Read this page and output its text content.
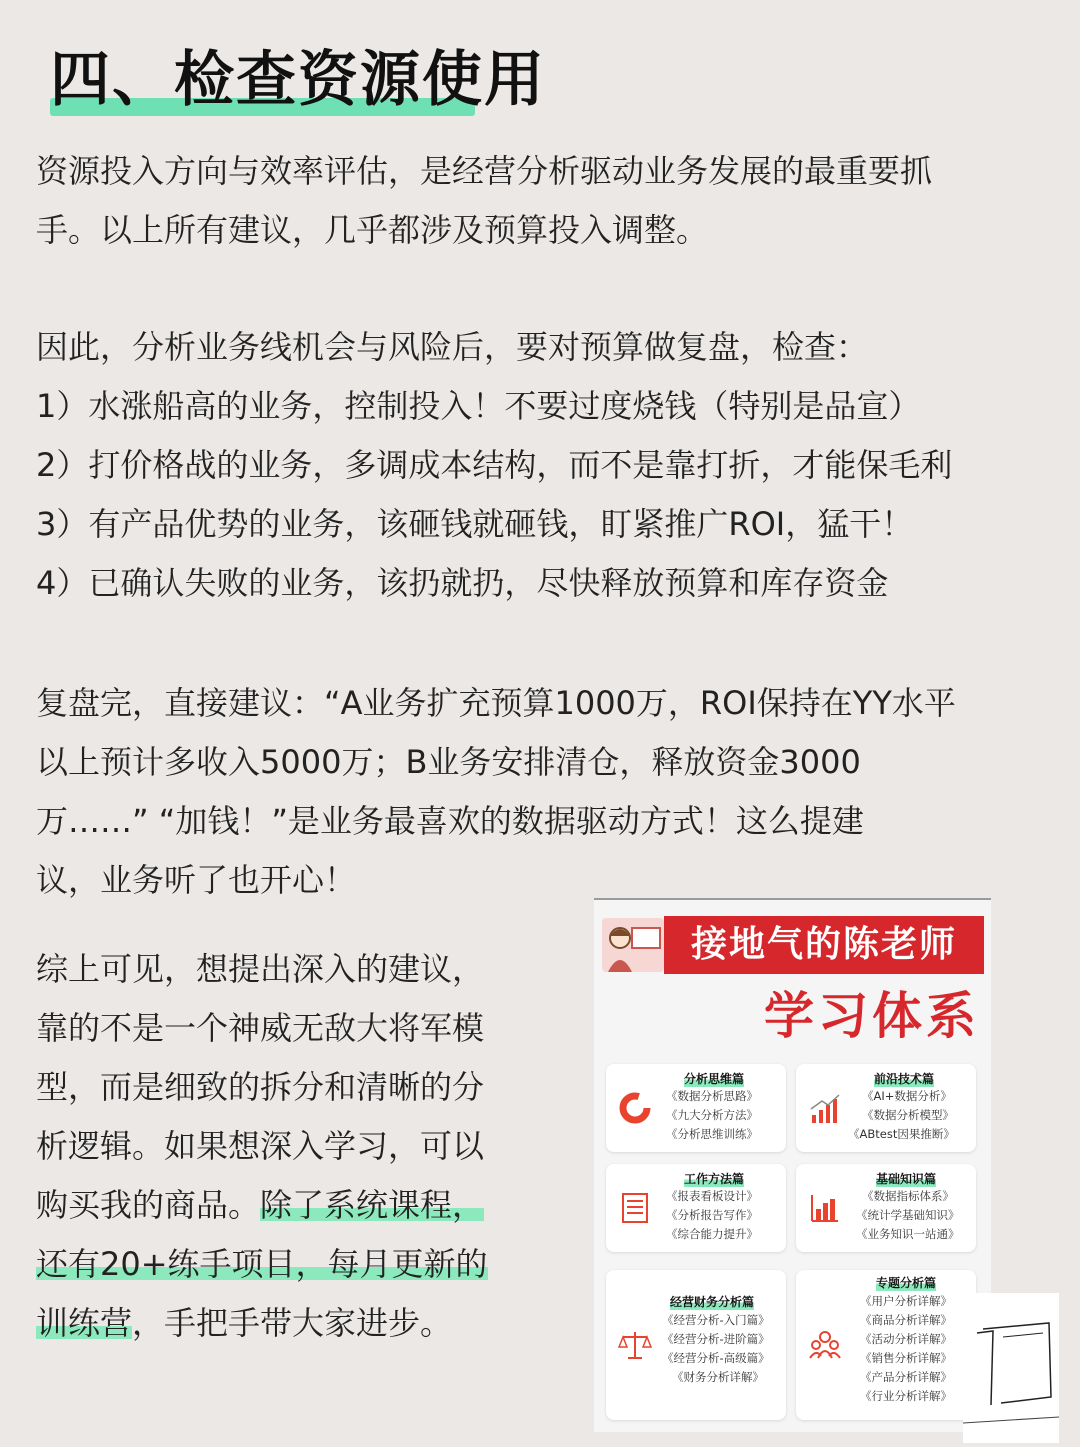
四、检查资源使用

资源投入方向与效率评估，是经营分析驱动业务发展的最重要抓
手。以上所有建议，几乎都涉及预算投入调整。

因此，分析业务线机会与风险后，要对预算做复盘，检查：
1）水涨船高的业务，控制投入！不要过度烧钱（特别是品宣）
2）打价格战的业务，多调成本结构，而不是靠打折，才能保毛利
3）有产品优势的业务，该砸钱就砸钱，盯紧推广ROI，猛干！
4）已确认失败的业务，该扔就扔，尽快释放预算和库存资金

复盘完，直接建议：“A业务扩充预算1000万，ROI保持在YY水平
以上预计多收入5000万；B业务安排清仓，释放资金3000
万……” “加钱！”是业务最喜欢的数据驱动方式！这么提建
议，业务听了也开心！

综上可见，想提出深入的建议，
靠的不是一个神威无敌大将军模
型，而是细致的拆分和清晰的分
析逻辑。如果想深入学习，可以
购买我的商品。除了系统课程，
还有20+练手项目，每月更新的
训练营，手把手带大家进步。

接地气的陈老师
学习体系
分析思维篇
《数据分析思路》
《九大分析方法》
《分析思维训练》
前沿技术篇
《AI+数据分析》
《数据分析模型》
《ABtest因果推断》
工作方法篇
《报表看板设计》
《分析报告写作》
《综合能力提升》
基础知识篇
《数据指标体系》
《统计学基础知识》
《业务知识一站通》
经营财务分析篇
《经营分析-入门篇》
《经营分析-进阶篇》
《经营分析-高级篇》
《财务分析详解》
专题分析篇
《用户分析详解》
《商品分析详解》
《活动分析详解》
《销售分析详解》
《产品分析详解》
《行业分析详解》
